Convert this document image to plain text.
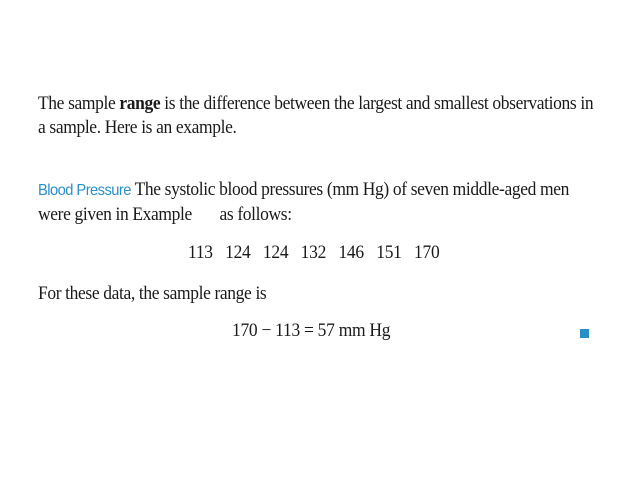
The sample range is the difference between the largest and smallest observations in
a sample. Here is an example.
Blood Pressure The systolic blood pressures (mm Hg) of seven middle-aged men
were given in Example as follows:
113 124 124 132 146 151 170
For these data, the sample range is
170 − 113 = 57 mm Hg
